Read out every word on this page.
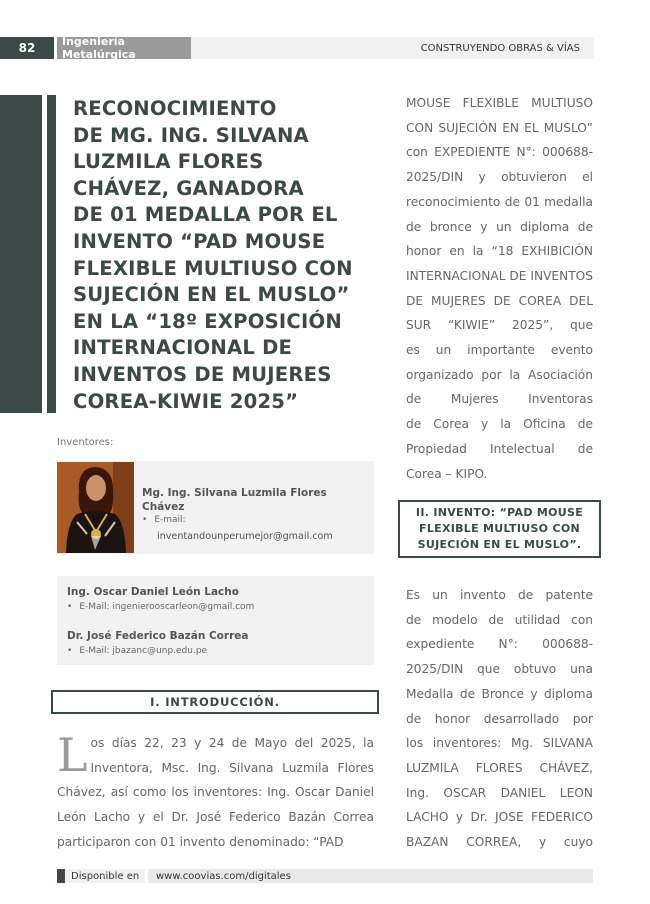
82	Ingeniería Metalúrgica	CONSTRUYENDO OBRAS & VÍAS
RECONOCIMIENTO
DE MG. ING. SILVANA
LUZMILA FLORES
CHÁVEZ, GANADORA
DE 01 MEDALLA POR EL
INVENTO “PAD MOUSE
FLEXIBLE MULTIUSO CON
SUJECIÓN EN EL MUSLO”
EN LA “18º EXPOSICIÓN
INTERNACIONAL DE
INVENTOS DE MUJERES
COREA-KIWIE 2025”
Inventores:
Mg. Ing. Silvana Luzmila Flores Chávez
• E-mail:
inventandounperumejor@gmail.com
Ing. Oscar Daniel León Lacho
• E-Mail: ingenierooscarleon@gmail.com
Dr. José Federico Bazán Correa
• E-Mail: jbazanc@unp.edu.pe
I. INTRODUCCIÓN.
L os días 22, 23 y 24 de Mayo del 2025, la Inventora, Msc. Ing. Silvana Luzmila Flores Chávez, así como los inventores: Ing. Oscar Daniel León Lacho y el Dr. José Federico Bazán Correa participaron con 01 invento denominado: “PAD
MOUSE FLEXIBLE MULTIUSO
CON SUJECIÓN EN EL MUSLO”
con EXPEDIENTE N°: 000688-
2025/DIN y obtuvieron el
reconocimiento de 01 medalla
de bronce y un diploma de
honor en la “18 EXHIBICIÓN
INTERNACIONAL DE INVENTOS
DE MUJERES DE COREA DEL
SUR “KIWIE” 2025”, que
es un importante evento
organizado por la Asociación
de Mujeres Inventoras
de Corea y la Oficina de
Propiedad Intelectual de
Corea – KIPO.
II. INVENTO: “PAD MOUSE FLEXIBLE MULTIUSO CON SUJECIÓN EN EL MUSLO”.
Es un invento de patente
de modelo de utilidad con
expediente N°: 000688-
2025/DIN que obtuvo una
Medalla de Bronce y diploma
de honor desarrollado por
los inventores: Mg. SILVANA
LUZMILA FLORES CHÁVEZ,
Ing. OSCAR DANIEL LEON
LACHO y Dr. JOSE FEDERICO
BAZAN CORREA, y cuyo
Disponible en	www.coovias.com/digitales
